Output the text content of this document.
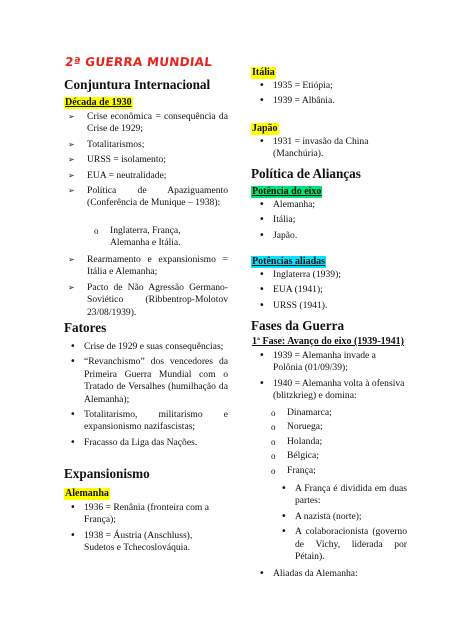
2ª GUERRA MUNDIAL
Conjuntura Internacional
Década de 1930
➢ Crise econômica = consequência da Crise de 1929;
➢ Totalitarismos;
➢ URSS = isolamento;
➢ EUA = neutralidade;
➢ Política de Apaziguamento (Conferência de Munique – 1938):
o Inglaterra, França, Alemanha e Itália.
➢ Rearmamento e expansionismo = Itália e Alemanha;
➢ Pacto de Não Agressão Germano-Soviético (Ribbentrop-Molotov 23/08/1939).
Fatores
• Crise de 1929 e suas consequências;
• “Revanchismo” dos vencedores da Primeira Guerra Mundial com o Tratado de Versalhes (humilhação da Alemanha);
• Totalitarismo, militarismo e expansionismo nazifascistas;
• Fracasso da Liga das Nações.
Expansionismo
Alemanha
• 1936 = Renânia (fronteira com a França);
• 1938 = Áustria (Anschluss), Sudetos e Tchecoslováquia.
Itália
• 1935 = Etiópia;
• 1939 = Albânia.
Japão
• 1931 = invasão da China (Manchúria).
Política de Alianças
Potência do eixo
• Alemanha;
• Itália;
• Japão.
Potências aliadas
• Inglaterra (1939);
• EUA (1941);
• URSS (1941).
Fases da Guerra
1ª Fase: Avanço do eixo (1939-1941)
• 1939 = Alemanha invade a Polônia (01/09/39);
• 1940 = Alemanha volta à ofensiva (blitzkrieg) e domina:
o Dinamarca;
o Noruega;
o Holanda;
o Bélgica;
o França;
• A França é dividida em duas partes:
• A nazista (norte);
• A colaboracionista (governo de Vichy, liderada por Pétain).
• Aliadas da Alemanha:
